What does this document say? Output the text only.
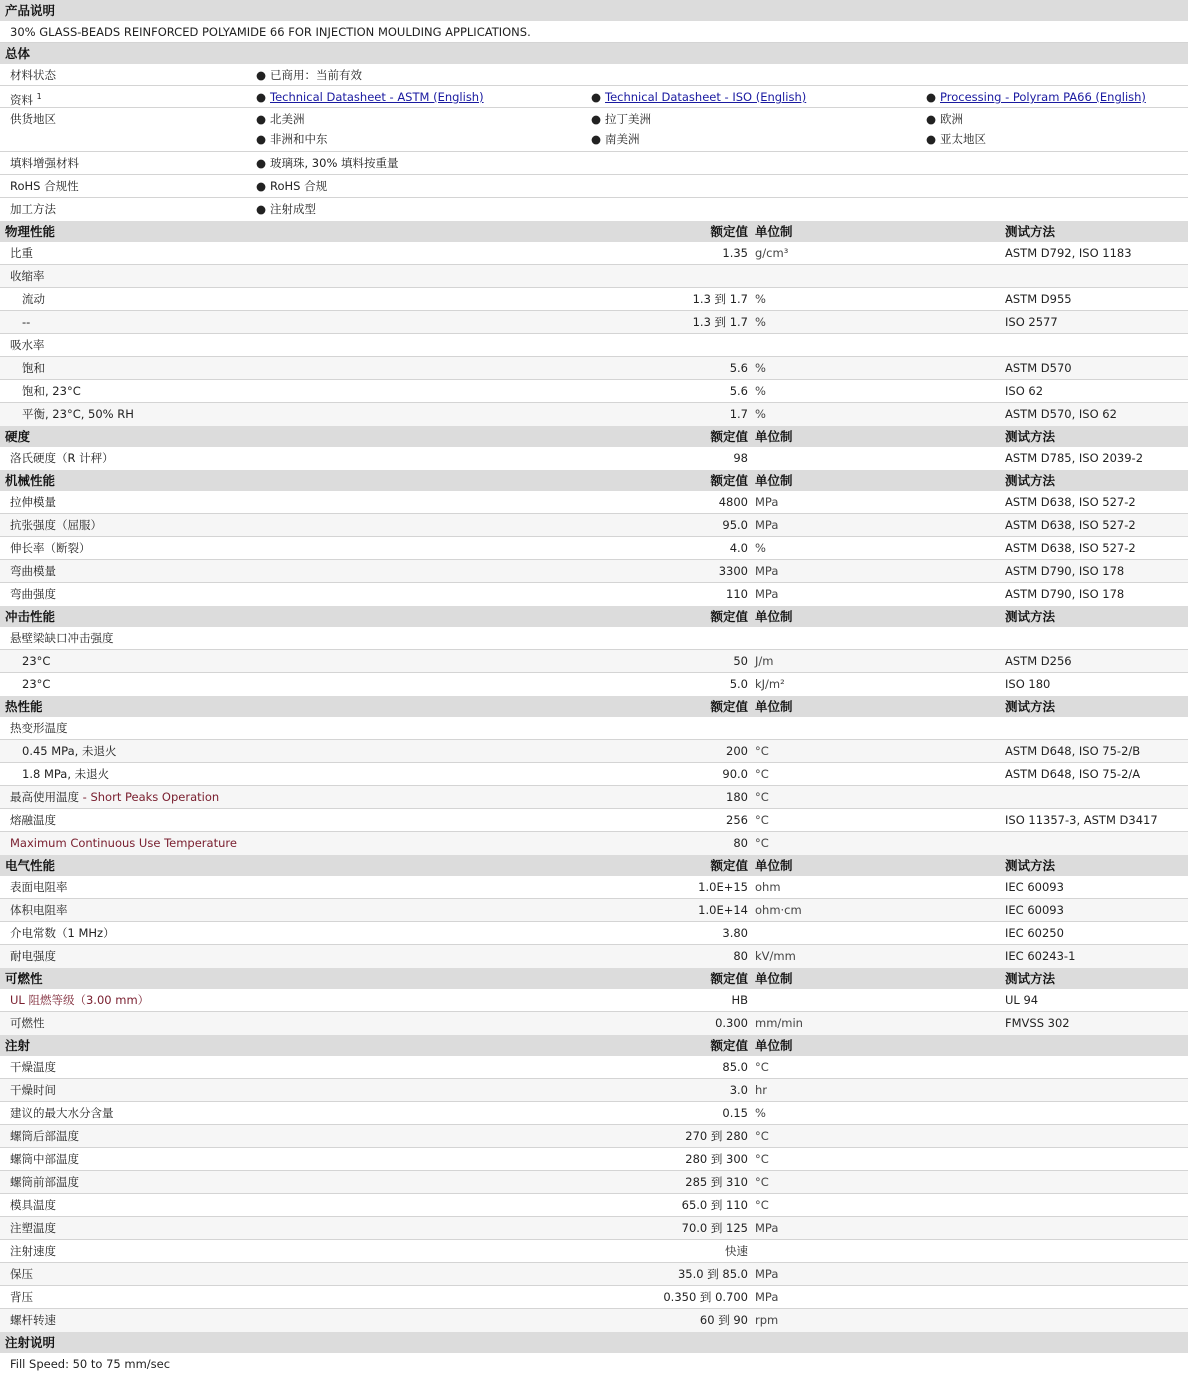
产品说明
30% GLASS-BEADS REINFORCED POLYAMIDE 66 FOR INJECTION MOULDING APPLICATIONS.
总体
材料状态	● 已商用：当前有效
资料 $^1$	● Technical Datasheet - ASTM (English)	● Technical Datasheet - ISO (English)	● Processing - Polyram PA66 (English)
供货地区	● 北美洲	● 拉丁美洲	● 欧洲
● 非洲和中东	● 南美洲	● 亚太地区
填料增强材料	● 玻璃珠, 30% 填料按重量
RoHS 合规性	● RoHS 合规
加工方法	● 注射成型
物理性能	额定值 单位制	测试方法
比重	1.35 g/cm³	ASTM D792, ISO 1183
收缩率
流动	1.3 到 1.7 %	ASTM D955
--	1.3 到 1.7 %	ISO 2577
吸水率
饱和	5.6 %	ASTM D570
饱和, 23°C	5.6 %	ISO 62
平衡, 23°C, 50% RH	1.7 %	ASTM D570, ISO 62
硬度	额定值 单位制	测试方法
洛氏硬度（R 计秤）	98	ASTM D785, ISO 2039-2
机械性能	额定值 单位制	测试方法
拉伸模量	4800 MPa	ASTM D638, ISO 527-2
抗张强度（屈服）	95.0 MPa	ASTM D638, ISO 527-2
伸长率（断裂）	4.0 %	ASTM D638, ISO 527-2
弯曲模量	3300 MPa	ASTM D790, ISO 178
弯曲强度	110 MPa	ASTM D790, ISO 178
冲击性能	额定值 单位制	测试方法
悬壁梁缺口冲击强度
23°C	50 J/m	ASTM D256
23°C	5.0 kJ/m²	ISO 180
热性能	额定值 单位制	测试方法
热变形温度
0.45 MPa, 未退火	200 °C	ASTM D648, ISO 75-2/B
1.8 MPa, 未退火	90.0 °C	ASTM D648, ISO 75-2/A
最高使用温度 - Short Peaks Operation	180 °C
熔融温度	256 °C	ISO 11357-3, ASTM D3417
Maximum Continuous Use Temperature	80 °C
电气性能	额定值 单位制	测试方法
表面电阻率	1.0E+15 ohm	IEC 60093
体积电阻率	1.0E+14 ohm·cm	IEC 60093
介电常数（1 MHz）	3.80	IEC 60250
耐电强度	80 kV/mm	IEC 60243-1
可燃性	额定值 单位制	测试方法
UL 阻燃等级（3.00 mm）	HB	UL 94
可燃性	0.300 mm/min	FMVSS 302
注射	额定值 单位制
干燥温度	85.0 °C
干燥时间	3.0 hr
建议的最大水分含量	0.15 %
螺筒后部温度	270 到 280 °C
螺筒中部温度	280 到 300 °C
螺筒前部温度	285 到 310 °C
模具温度	65.0 到 110 °C
注塑温度	70.0 到 125 MPa
注射速度	快速
保压	35.0 到 85.0 MPa
背压	0.350 到 0.700 MPa
螺杆转速	60 到 90 rpm
注射说明
Fill Speed: 50 to 75 mm/sec
